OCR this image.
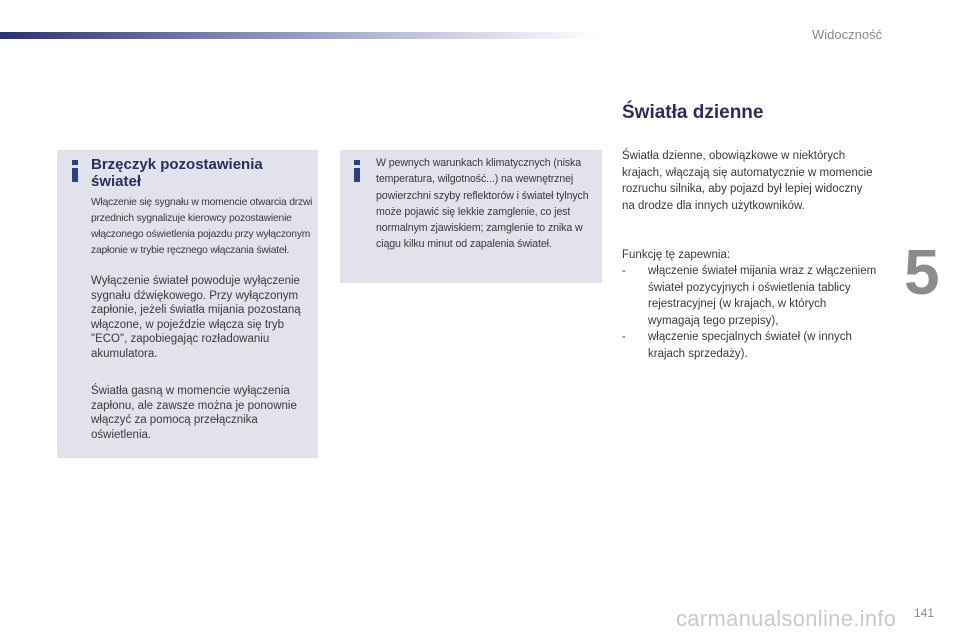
Widoczność
5
Brzęczyk pozostawienia świateł
Włączenie się sygnału w momencie otwarcia drzwi przednich sygnalizuje kierowcy pozostawienie włączonego oświetlenia pojazdu przy wyłączonym zapłonie w trybie ręcznego włączania świateł.
Wyłączenie świateł powoduje wyłączenie sygnału dźwiękowego. Przy wyłączonym zapłonie, jeżeli światła mijania pozostaną włączone, w pojeździe włącza się tryb "ECO", zapobiegając rozładowaniu akumulatora.
Światła gasną w momencie wyłączenia zapłonu, ale zawsze można je ponownie włączyć za pomocą przełącznika oświetlenia.
W pewnych warunkach klimatycznych (niska temperatura, wilgotność...) na wewnętrznej powierzchni szyby reflektorów i świateł tylnych może pojawić się lekkie zamglenie, co jest normalnym zjawiskiem; zamglenie to znika w ciągu kilku minut od zapalenia świateł.
Światła dzienne
Światła dzienne, obowiązkowe w niektórych krajach, włączają się automatycznie w momencie rozruchu silnika, aby pojazd był lepiej widoczny na drodze dla innych użytkowników.
Funkcję tę zapewnia:
- włączenie świateł mijania wraz z włączeniem świateł pozycyjnych i oświetlenia tablicy rejestracyjnej (w krajach, w których wymagają tego przepisy),
- włączenie specjalnych świateł (w innych krajach sprzedaży).
carmanualsonline.info 141
